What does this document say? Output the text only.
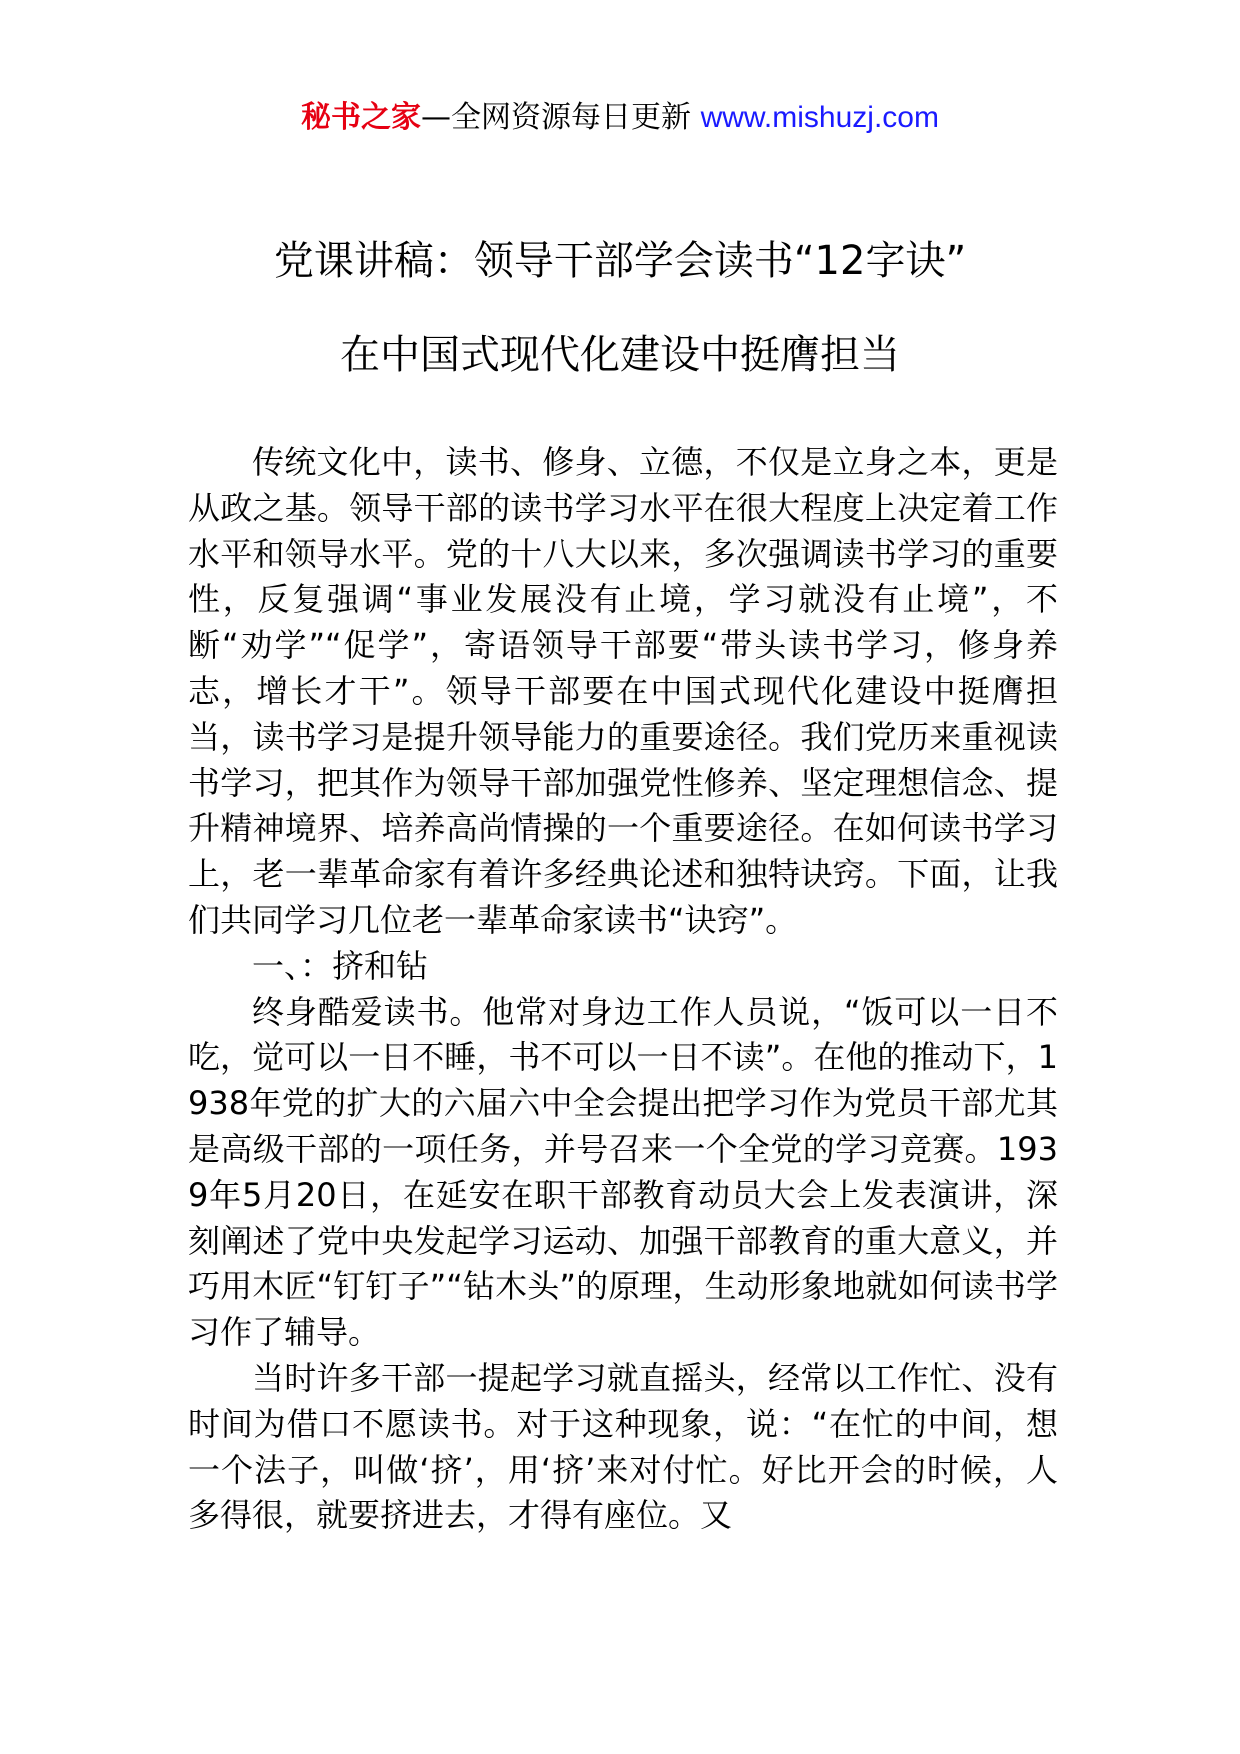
秘书之家—全网资源每日更新 www.mishuzj.com
党课讲稿：领导干部学会读书“12字诀”
在中国式现代化建设中挺膺担当

传统文化中，读书、修身、立德，不仅是立身之本，更是从政之基。领导干部的读书学习水平在很大程度上决定着工作水平和领导水平。党的十八大以来，多次强调读书学习的重要性，反复强调“事业发展没有止境，学习就没有止境”，不断“劝学”“促学”，寄语领导干部要“带头读书学习，修身养志，增长才干”。领导干部要在中国式现代化建设中挺膺担当，读书学习是提升领导能力的重要途径。我们党历来重视读书学习，把其作为领导干部加强党性修养、坚定理想信念、提升精神境界、培养高尚情操的一个重要途径。在如何读书学习上，老一辈革命家有着许多经典论述和独特诀窍。下面，让我们共同学习几位老一辈革命家读书“诀窍”。

一、：挤和钻

终身酷爱读书。他常对身边工作人员说，“饭可以一日不吃，觉可以一日不睡，书不可以一日不读”。在他的推动下，1938年党的扩大的六届六中全会提出把学习作为党员干部尤其是高级干部的一项任务，并号召来一个全党的学习竞赛。1939年5月20日，在延安在职干部教育动员大会上发表演讲，深刻阐述了党中央发起学习运动、加强干部教育的重大意义，并巧用木匠“钉钉子”“钻木头”的原理，生动形象地就如何读书学习作了辅导。

当时许多干部一提起学习就直摇头，经常以工作忙、没有时间为借口不愿读书。对于这种现象，说：“在忙的中间，想一个法子，叫做‘挤’，用‘挤’来对付忙。好比开会的时候，人多得很，就要挤进去，才得有座位。又
